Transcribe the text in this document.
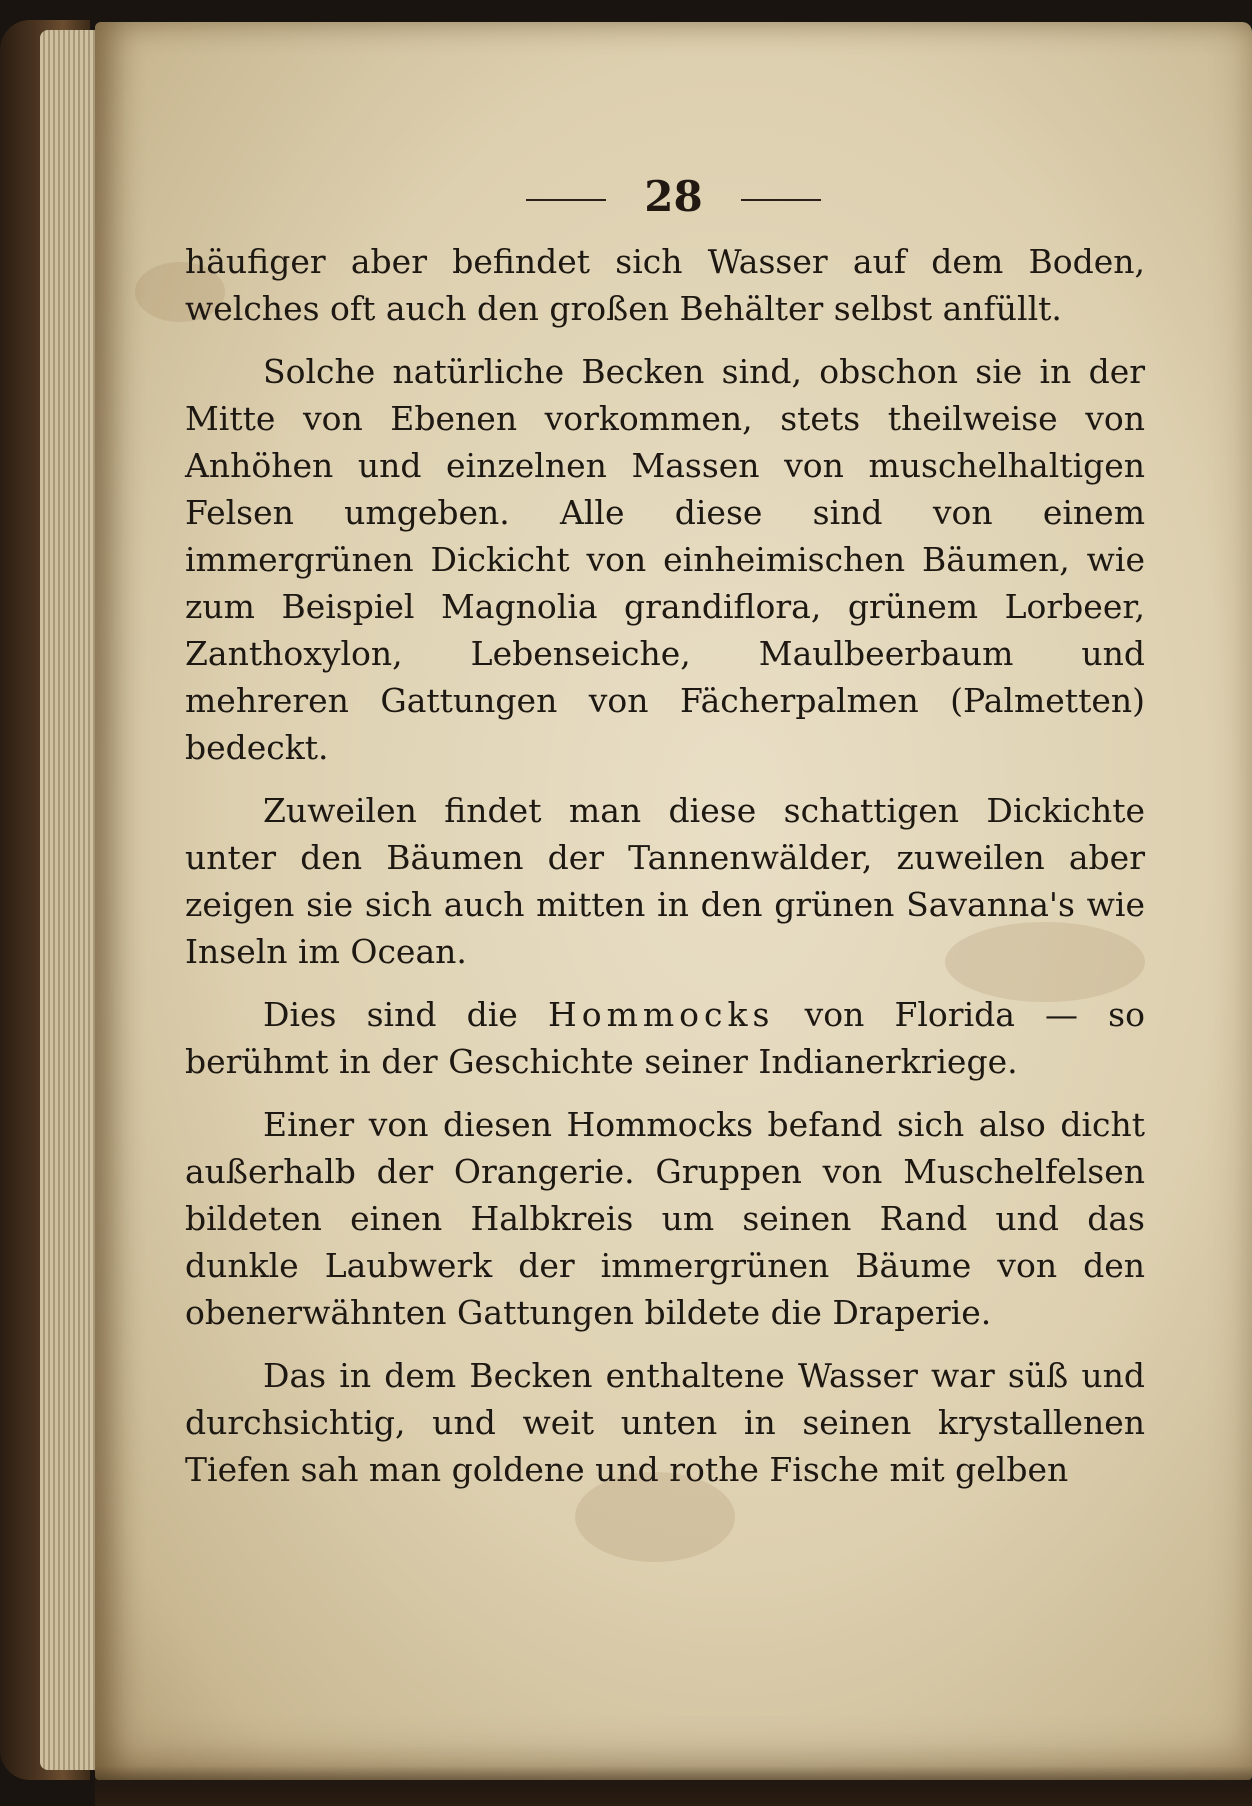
28

häufiger aber befindet sich Wasser auf dem Boden, welches oft auch den großen Behälter selbst anfüllt.

Solche natürliche Becken sind, obschon sie in der Mitte von Ebenen vorkommen, stets theilweise von Anhöhen und einzelnen Massen von muschelhaltigen Felsen umgeben. Alle diese sind von einem immergrünen Dickicht von einheimischen Bäumen, wie zum Beispiel Magnolia grandiflora, grünem Lorbeer, Zanthoxylon, Lebenseiche, Maulbeerbaum und mehreren Gattungen von Fächerpalmen (Palmetten) bedeckt.

Zuweilen findet man diese schattigen Dickichte unter den Bäumen der Tannenwälder, zuweilen aber zeigen sie sich auch mitten in den grünen Savanna's wie Inseln im Ocean.

Dies sind die Hommocks von Florida — so berühmt in der Geschichte seiner Indianerkriege.

Einer von diesen Hommocks befand sich also dicht außerhalb der Orangerie. Gruppen von Muschelfelsen bildeten einen Halbkreis um seinen Rand und das dunkle Laubwerk der immergrünen Bäume von den obenerwähnten Gattungen bildete die Draperie.

Das in dem Becken enthaltene Wasser war süß und durchsichtig, und weit unten in seinen krystallenen Tiefen sah man goldene und rothe Fische mit gelben
